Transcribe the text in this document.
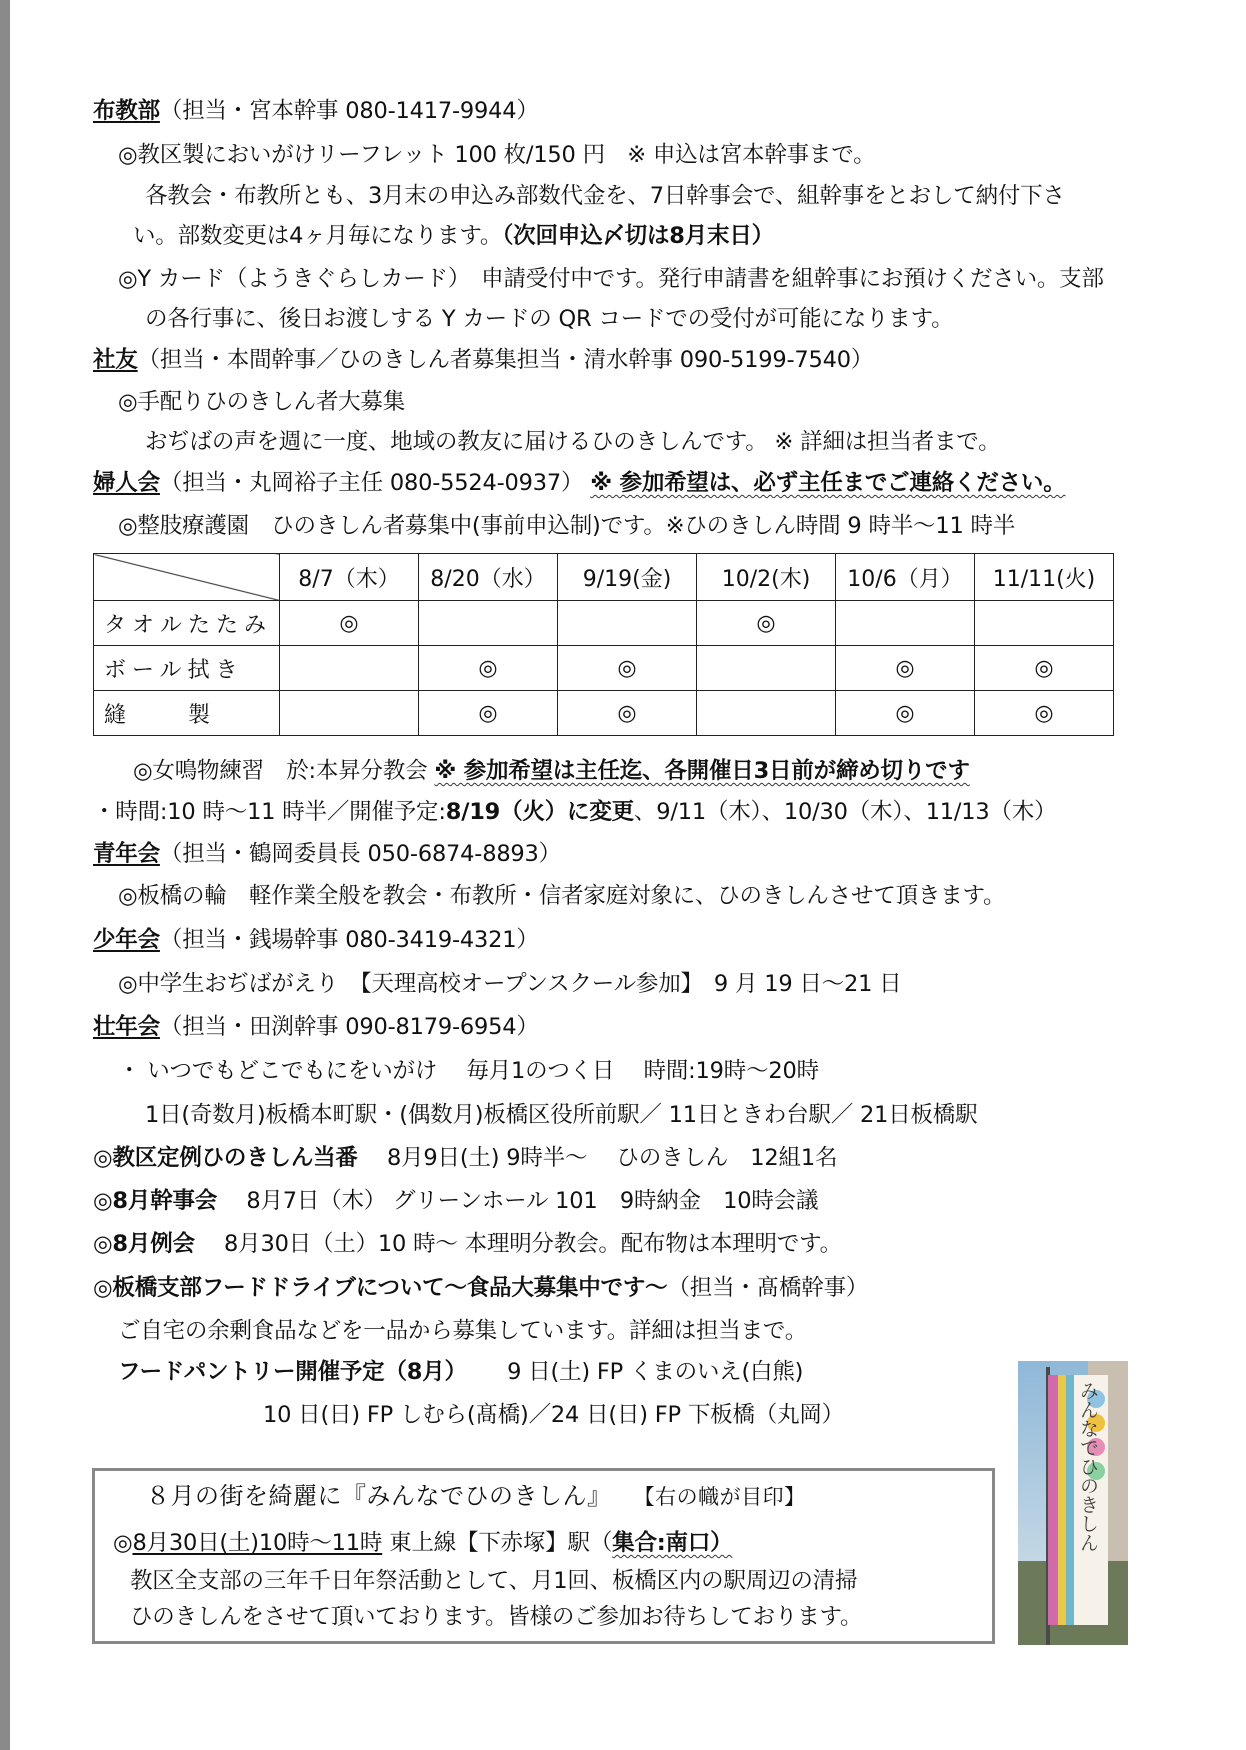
布教部（担当・宮本幹事 080-1417-9944）
◎教区製においがけリーフレット 100 枚/150 円　※ 申込は宮本幹事まで。
各教会・布教所とも、3月末の申込み部数代金を、7日幹事会で、組幹事をとおして納付下さ
い。部数変更は4ヶ月毎になります。（次回申込〆切は8月末日）
◎Y カード（ようきぐらしカード）　申請受付中です。発行申請書を組幹事にお預けください。支部
の各行事に、後日お渡しする Y カードの QR コードでの受付が可能になります。
社友（担当・本間幹事／ひのきしん者募集担当・清水幹事 090-5199-7540）
◎手配りひのきしん者大募集
おぢばの声を週に一度、地域の教友に届けるひのきしんです。 ※ 詳細は担当者まで。
婦人会（担当・丸岡裕子主任 080-5524-0937） ※ 参加希望は、必ず主任までご連絡ください。
◎整肢療護園　ひのきしん者募集中(事前申込制)です。※ひのきしん時間 9 時半～11 時半
◎女鳴物練習　於:本昇分教会 ※ 参加希望は主任迄、各開催日3日前が締め切りです
・時間:10 時～11 時半／開催予定:8/19（火）に変更、9/11（木）、10/30（木）、11/13（木）
青年会（担当・鶴岡委員長 050-6874-8893）
◎板橋の輪　軽作業全般を教会・布教所・信者家庭対象に、ひのきしんさせて頂きます。
少年会（担当・銭場幹事 080-3419-4321）
◎中学生おぢばがえり　【天理高校オープンスクール参加】　9 月 19 日～21 日
壮年会（担当・田渕幹事 090-8179-6954）
・ いつでもどこでもにをいがけ　 毎月1のつく日　 時間:19時～20時
1日(奇数月)板橋本町駅・(偶数月)板橋区役所前駅／ 11日ときわ台駅／ 21日板橋駅
◎教区定例ひのきしん当番　 8月9日(土) 9時半～　 ひのきしん　12組1名
◎8月幹事会　 8月7日（木） グリーンホール 101　9時納金　10時会議
◎8月例会　 8月30日（土）10 時～ 本理明分教会。配布物は本理明です。
◎板橋支部フードドライブについて～食品大募集中です～（担当・髙橋幹事）
ご自宅の余剰食品などを一品から募集しています。詳細は担当まで。
フードパントリー開催予定（8月）　　 9 日(土) FP くまのいえ(白熊)
10 日(日) FP しむら(髙橋)／24 日(日) FP 下板橋（丸岡）
	8/7（木）	8/20（水）	9/19(金)	10/2(木)	10/6（月）	11/11(火)
タオルたたみ	◎			◎		
ボール拭き		◎	◎		◎	◎
縫　　製		◎	◎		◎	◎
８月の街を綺麗に『みんなでひのきしん』 【右の幟が目印】
◎8月30日(土)10時～11時 東上線【下赤塚】駅（集合:南口）
教区全支部の三年千日年祭活動として、月1回、板橋区内の駅周辺の清掃
ひのきしんをさせて頂いております。皆様のご参加お待ちしております。
みんなでひのきしん
